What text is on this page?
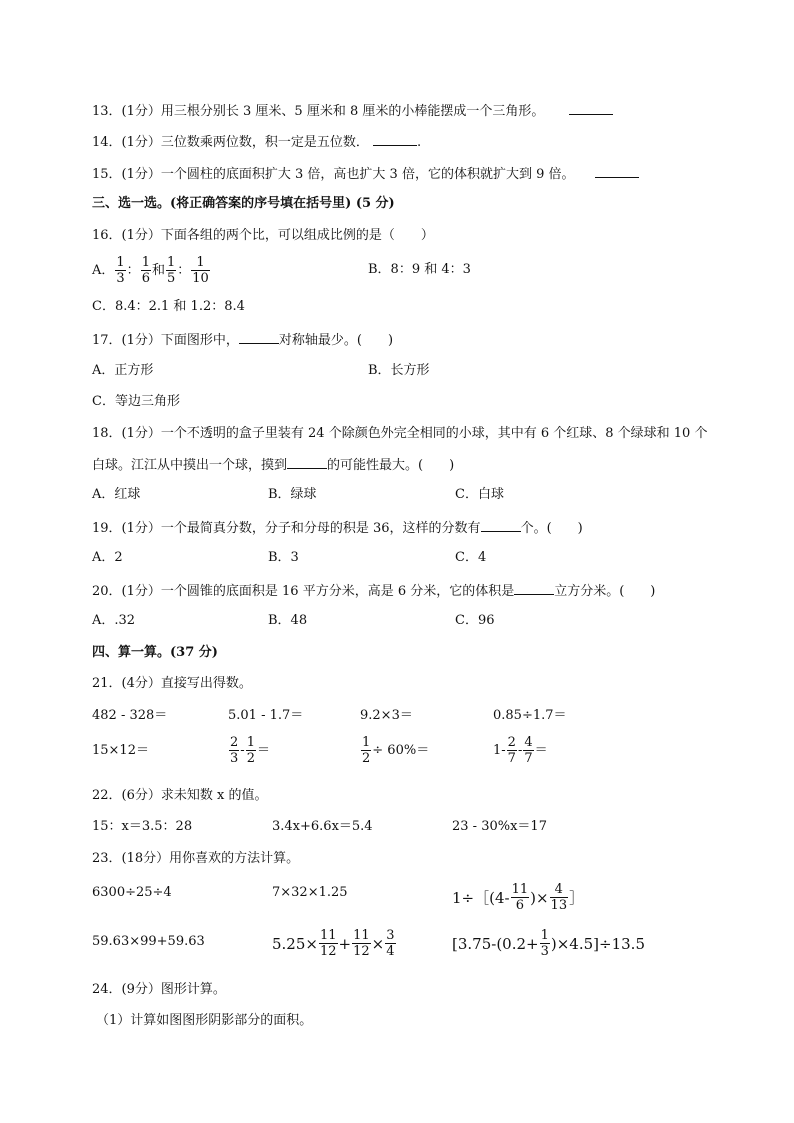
13．(1分）用三根分别长 3 厘米、5 厘米和 8 厘米的小棒能摆成一个三角形。
14．(1分）三位数乘两位数，积一定是五位数．	.
15．(1分）一个圆柱的底面积扩大 3 倍，高也扩大 3 倍，它的体积就扩大到 9 倍。
三、选一选。(将正确答案的序号填在括号里) (5 分)
16．(1分）下面各组的两个比，可以组成比例的是（　　）
A． $\frac{1}{3}$ ： $\frac{1}{6}$ 和 $\frac{1}{5}$ ： $\frac{1}{10}$	B．8：9 和 4：3
C．8.4：2.1 和 1.2：8.4
17．(1分）下面图形中，	对称轴最少。(　　)
A．正方形	B．长方形
C．等边三角形
18．(1分）一个不透明的盒子里装有 24 个除颜色外完全相同的小球，其中有 6 个红球、8 个绿球和 10 个
白球。江江从中摸出一个球，摸到	的可能性最大。(　　)
A．红球	B．绿球	C．白球
19．(1分）一个最简真分数，分子和分母的积是 36，这样的分数有	个。(　　)
A．2	B．3	C．4
20．(1分）一个圆锥的底面积是 16 平方分米，高是 6 分米，它的体积是	立方分米。(　　)
A．.32	B．48	C．96
四、算一算。(37 分)
21．(4分）直接写出得数。
482 - 328＝	5.01 - 1.7＝	9.2×3＝	0.85÷1.7＝
15×12＝	$\frac{2}{3} - \frac{1}{2}$ ＝	$\frac{1}{2} \div 60\%=$	$1- \frac{2}{7} - \frac{4}{7}$ ＝
22．(6分）求未知数 x 的值。
15：x＝3.5：28	3.4x+6.6x＝5.4	23 - 30%x＝17
23．(18分）用你喜欢的方法计算。
6300÷25÷4	7×32×1.25	1÷［(4- $\frac{11}{6}$ )× $\frac{4}{13}$ ］
59.63×99+59.63	$5.25\times \frac{11}{12} + \frac{11}{12} \times \frac{3}{4}$	$[3.75-(0.2+ \frac{1}{3} )\times 4.5]\div 13.5$
24．(9分）图形计算。
（1）计算如图图形阴影部分的面积。
